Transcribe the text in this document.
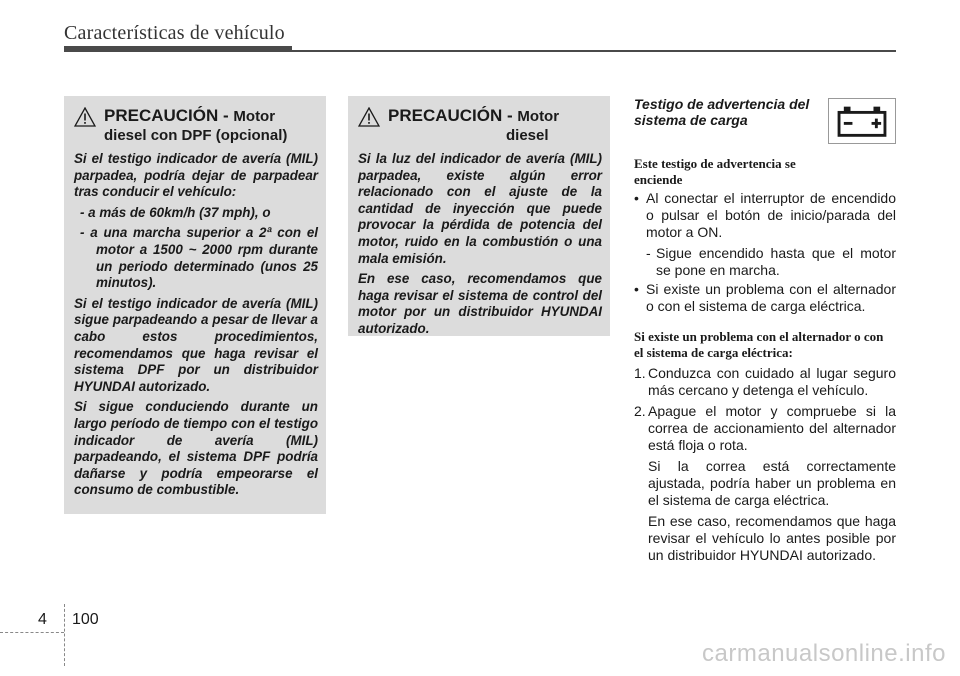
Características de vehículo
PRECAUCIÓN - Motor
diesel con DPF (opcional)

Si el testigo indicador de avería (MIL) parpadea, podría dejar de parpadear tras conducir el vehículo:

- a más de 60km/h (37 mph), o

- a una marcha superior a 2ª con el motor a 1500 ~ 2000 rpm durante un periodo determinado (unos 25 minutos).

Si el testigo indicador de avería (MIL) sigue parpadeando a pesar de llevar a cabo estos procedimientos, recomendamos que haga revisar el sistema DPF por un distribuidor HYUNDAI autorizado.

Si sigue conduciendo durante un largo período de tiempo con el testigo indicador de avería (MIL) parpadeando, el sistema DPF podría dañarse y podría empeorarse el consumo de combustible.

PRECAUCIÓN - Motor
diesel

Si la luz del indicador de avería (MIL) parpadea, existe algún error relacionado con el ajuste de la cantidad de inyección que puede provocar la pérdida de potencia del motor, ruido en la combustión o una mala emisión.

En ese caso, recomendamos que haga revisar el sistema de control del motor por un distribuidor HYUNDAI autorizado.

Testigo de advertencia del sistema de carga
Este testigo de advertencia se enciende
• Al conectar el interruptor de encendido o pulsar el botón de inicio/parada del motor a ON.
- Sigue encendido hasta que el motor se pone en marcha.
• Si existe un problema con el alternador o con el sistema de carga eléctrica.
Si existe un problema con el alternador o con el sistema de carga eléctrica:
1. Conduzca con cuidado al lugar seguro más cercano y detenga el vehículo.
2. Apague el motor y compruebe si la correa de accionamiento del alternador está floja o rota.
Si la correa está correctamente ajustada, podría haber un problema en el sistema de carga eléctrica.
En ese caso, recomendamos que haga revisar el vehículo lo antes posible por un distribuidor HYUNDAI autorizado.
4 100
carmanualsonline.info
